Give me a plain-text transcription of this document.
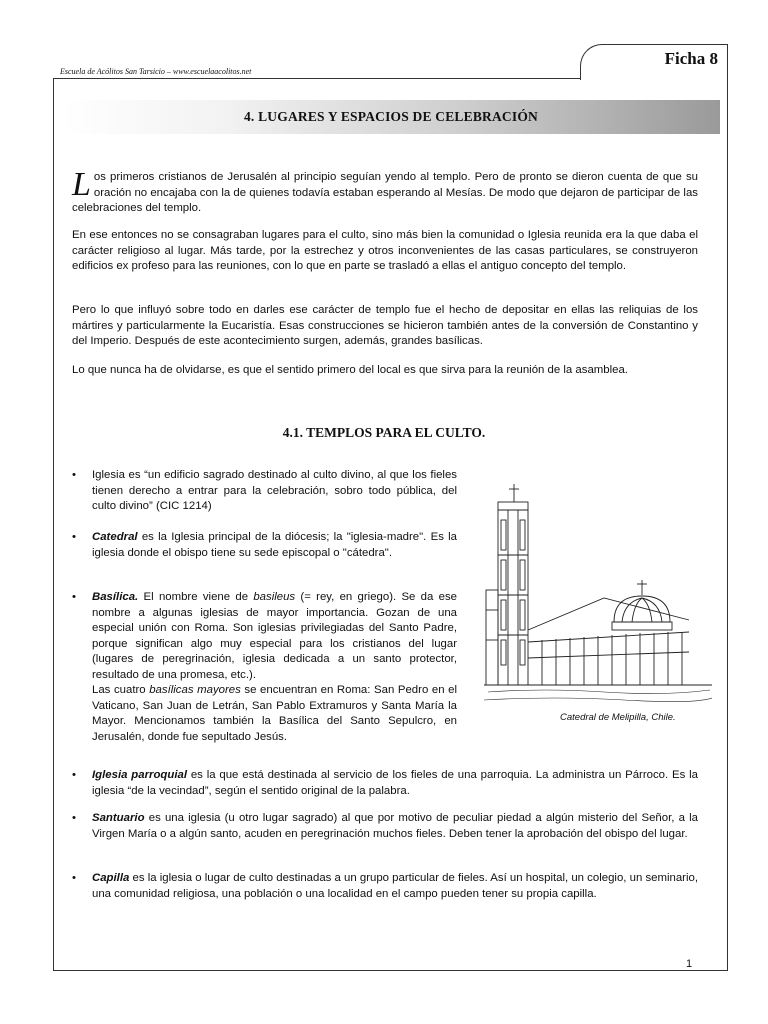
Ficha 8
Escuela de Acólitos San Tarsicio – www.escuelaacolitos.net
4. LUGARES Y ESPACIOS DE CELEBRACIÓN
Los primeros cristianos de Jerusalén al principio seguían yendo al templo. Pero de pronto se dieron cuenta de que su oración no encajaba con la de quienes todavía estaban esperando al Mesías. De modo que dejaron de participar de las celebraciones del templo.
En ese entonces no se consagraban lugares para el culto, sino más bien la comunidad o Iglesia reunida era la que daba el carácter religioso al lugar. Más tarde, por la estrechez y otros inconvenientes de las casas particulares, se construyeron edificios ex profeso para las reuniones, con lo que en parte se trasladó a ellas el antiguo concepto del templo.
Pero lo que influyó sobre todo en darles ese carácter de templo fue el hecho de depositar en ellas las reliquias de los mártires y particularmente la Eucaristía. Esas construcciones se hicieron también antes de la conversión de Constantino y del Imperio. Después de este acontecimiento surgen, además, grandes basílicas.
Lo que nunca ha de olvidarse, es que el sentido primero del local es que sirva para la reunión de la asamblea.
4.1. TEMPLOS PARA EL CULTO.
• Iglesia es “un edificio sagrado destinado al culto divino, al que los fieles tienen derecho a entrar para la celebración, sobro todo pública, del culto divino” (CIC 1214)
• Catedral es la Iglesia principal de la diócesis; la "iglesia-madre". Es la iglesia donde el obispo tiene su sede episcopal o "cátedra".
• Basílica. El nombre viene de basileus (= rey, en griego). Se da ese nombre a algunas iglesias de mayor importancia. Gozan de una especial unión con Roma. Son iglesias privilegiadas del Santo Padre, porque significan algo muy especial para los cristianos del lugar (lugares de peregrinación, iglesia dedicada a un santo protector, resultado de una promesa, etc.).
Las cuatro basílicas mayores se encuentran en Roma: San Pedro en el Vaticano, San Juan de Letrán, San Pablo Extramuros y Santa María la Mayor. Mencionamos también la Basílica del Santo Sepulcro, en Jerusalén, donde fue sepultado Jesús.
Catedral de Melipilla, Chile.
• Iglesia parroquial es la que está destinada al servicio de los fieles de una parroquia. La administra un Párroco. Es la iglesia “de la vecindad”, según el sentido original de la palabra.
• Santuario es una iglesia (u otro lugar sagrado) al que por motivo de peculiar piedad a algún misterio del Señor, a la Virgen María o a algún santo, acuden en peregrinación muchos fieles. Deben tener la aprobación del obispo del lugar.
• Capilla es la iglesia o lugar de culto destinadas a un grupo particular de fieles. Así un hospital, un colegio, un seminario, una comunidad religiosa, una población o una localidad en el campo pueden tener su propia capilla.
1
